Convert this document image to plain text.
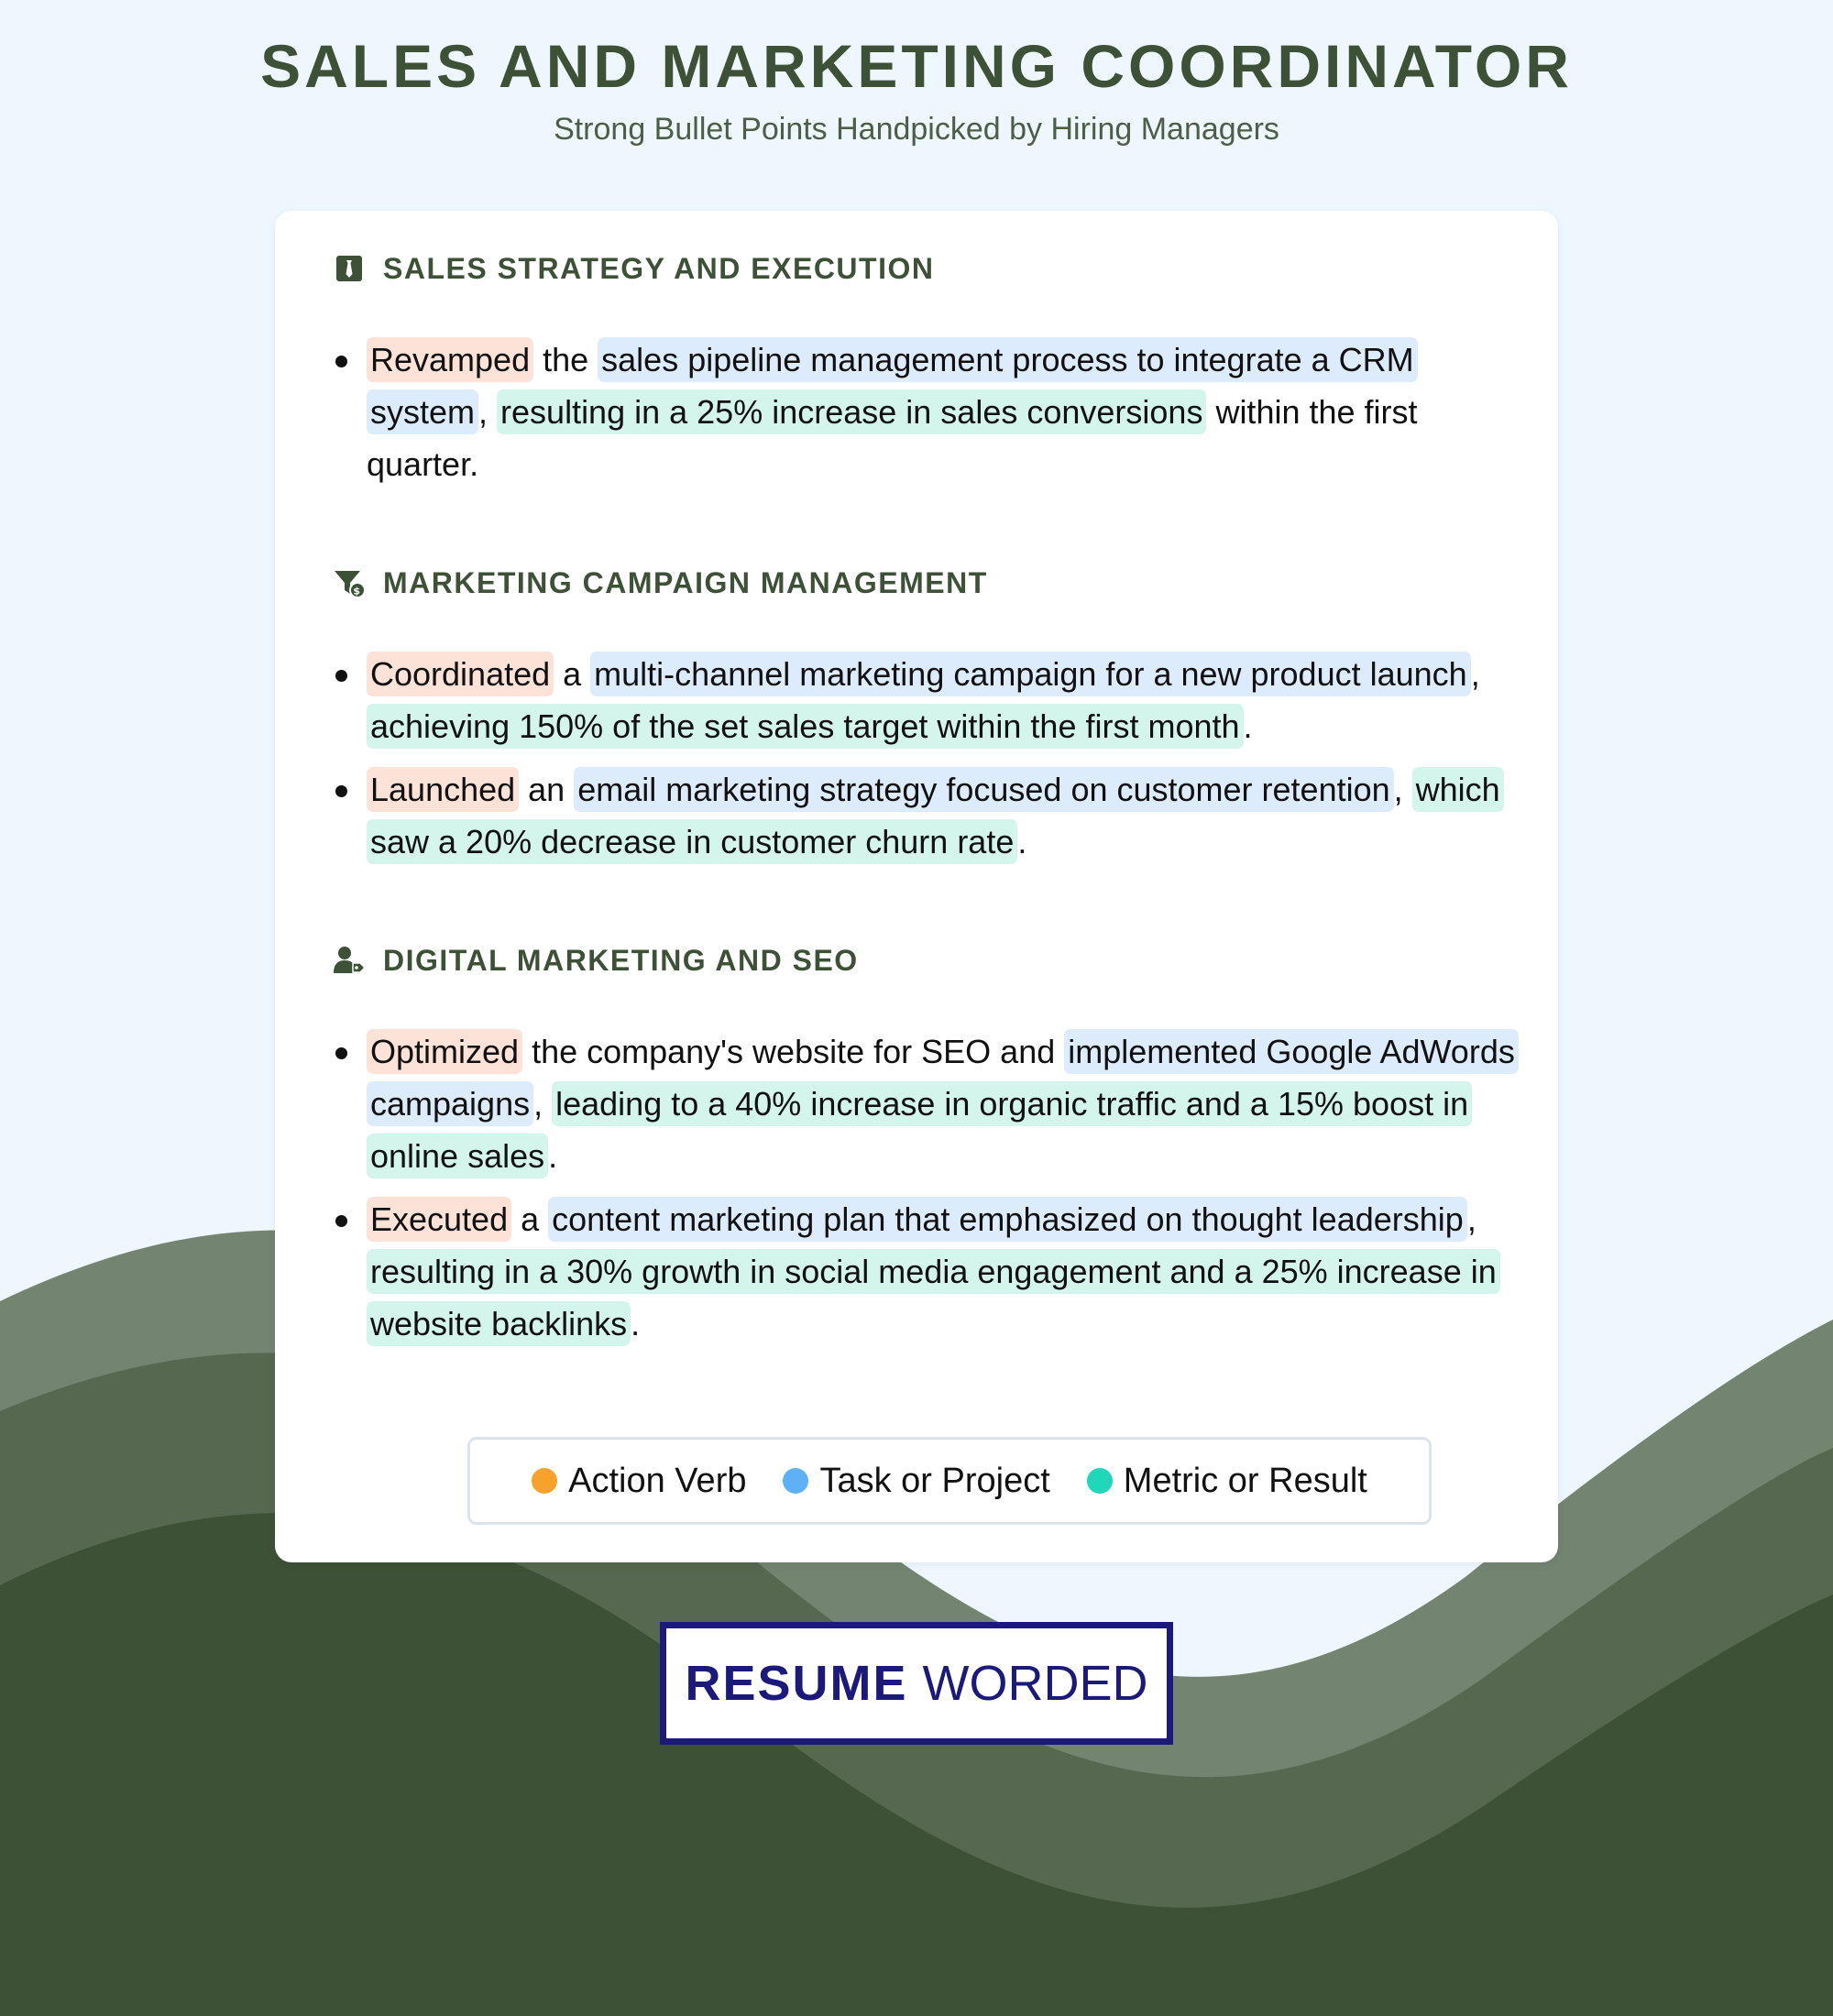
SALES AND MARKETING COORDINATOR
Strong Bullet Points Handpicked by Hiring Managers
SALES STRATEGY AND EXECUTION
Revamped the sales pipeline management process to integrate a CRM system , resulting in a 25% increase in sales conversions within the first quarter.
$ MARKETING CAMPAIGN MANAGEMENT
Coordinated a multi-channel marketing campaign for a new product launch , achieving 150% of the set sales target within the first month .
Launched an email marketing strategy focused on customer retention , which saw a 20% decrease in customer churn rate .
DIGITAL MARKETING AND SEO
Optimized the company's website for SEO and implemented Google AdWords campaigns , leading to a 40% increase in organic traffic and a 15% boost in online sales .
Executed a content marketing plan that emphasized on thought leadership , resulting in a 30% growth in social media engagement and a 25% increase in website backlinks .
Action Verb Task or Project Metric or Result
RESUME WORDED
